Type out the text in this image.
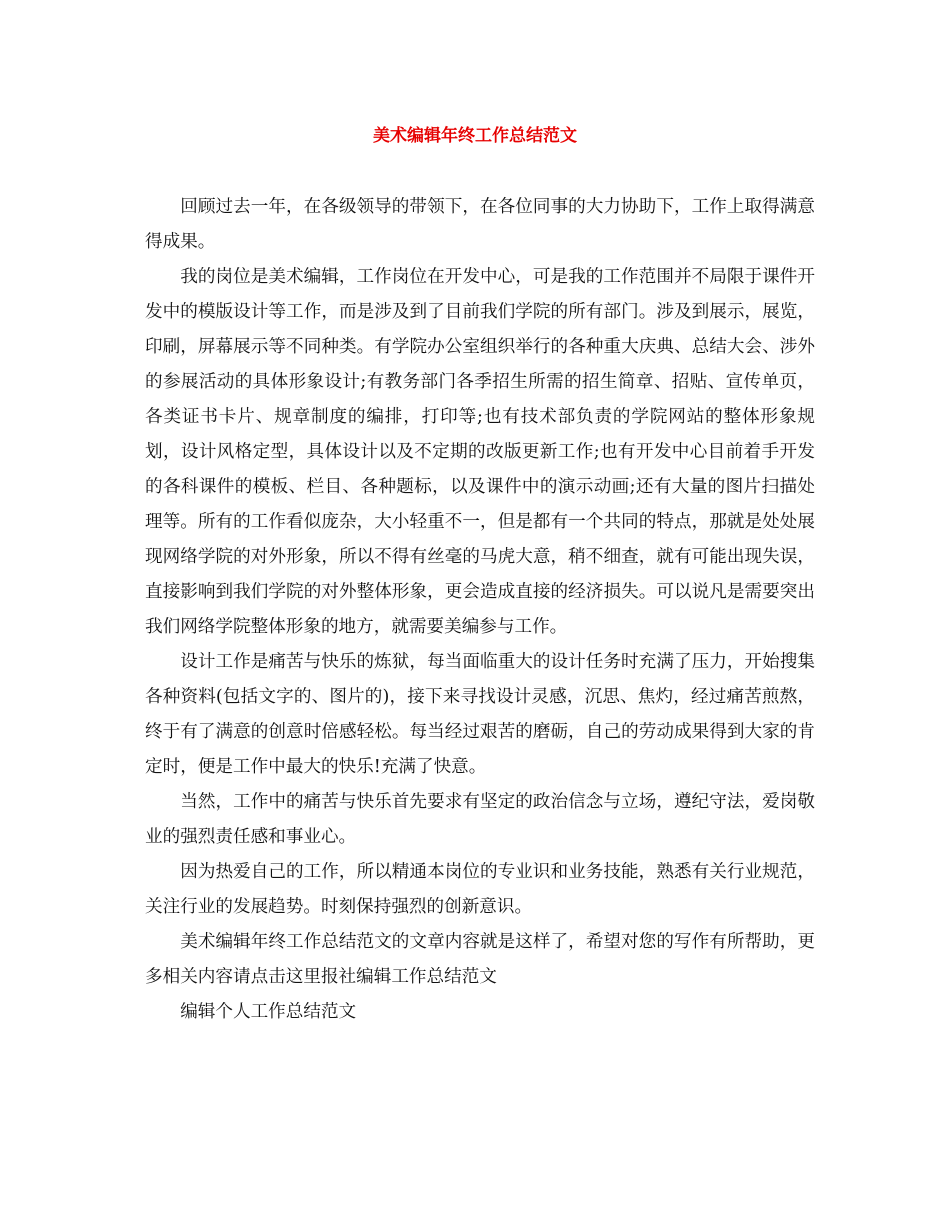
美术编辑年终工作总结范文

回顾过去一年，在各级领导的带领下，在各位同事的大力协助下，工作上取得满意得成果。

我的岗位是美术编辑，工作岗位在开发中心，可是我的工作范围并不局限于课件开发中的模版设计等工作，而是涉及到了目前我们学院的所有部门。涉及到展示，展览，印刷，屏幕展示等不同种类。有学院办公室组织举行的各种重大庆典、总结大会、涉外的参展活动的具体形象设计;有教务部门各季招生所需的招生简章、招贴、宣传单页，各类证书卡片、规章制度的编排，打印等;也有技术部负责的学院网站的整体形象规划，设计风格定型，具体设计以及不定期的改版更新工作;也有开发中心目前着手开发的各科课件的模板、栏目、各种题标，以及课件中的演示动画;还有大量的图片扫描处理等。所有的工作看似庞杂，大小轻重不一，但是都有一个共同的特点，那就是处处展现网络学院的对外形象，所以不得有丝毫的马虎大意，稍不细查，就有可能出现失误，直接影响到我们学院的对外整体形象，更会造成直接的经济损失。可以说凡是需要突出我们网络学院整体形象的地方，就需要美编参与工作。

设计工作是痛苦与快乐的炼狱，每当面临重大的设计任务时充满了压力，开始搜集各种资料(包括文字的、图片的)，接下来寻找设计灵感，沉思、焦灼，经过痛苦煎熬，终于有了满意的创意时倍感轻松。每当经过艰苦的磨砺，自己的劳动成果得到大家的肯定时，便是工作中最大的快乐!充满了快意。

当然，工作中的痛苦与快乐首先要求有坚定的政治信念与立场，遵纪守法，爱岗敬业的强烈责任感和事业心。

因为热爱自己的工作，所以精通本岗位的专业识和业务技能，熟悉有关行业规范，关注行业的发展趋势。时刻保持强烈的创新意识。

美术编辑年终工作总结范文的文章内容就是这样了，希望对您的写作有所帮助，更多相关内容请点击这里报社编辑工作总结范文

编辑个人工作总结范文
